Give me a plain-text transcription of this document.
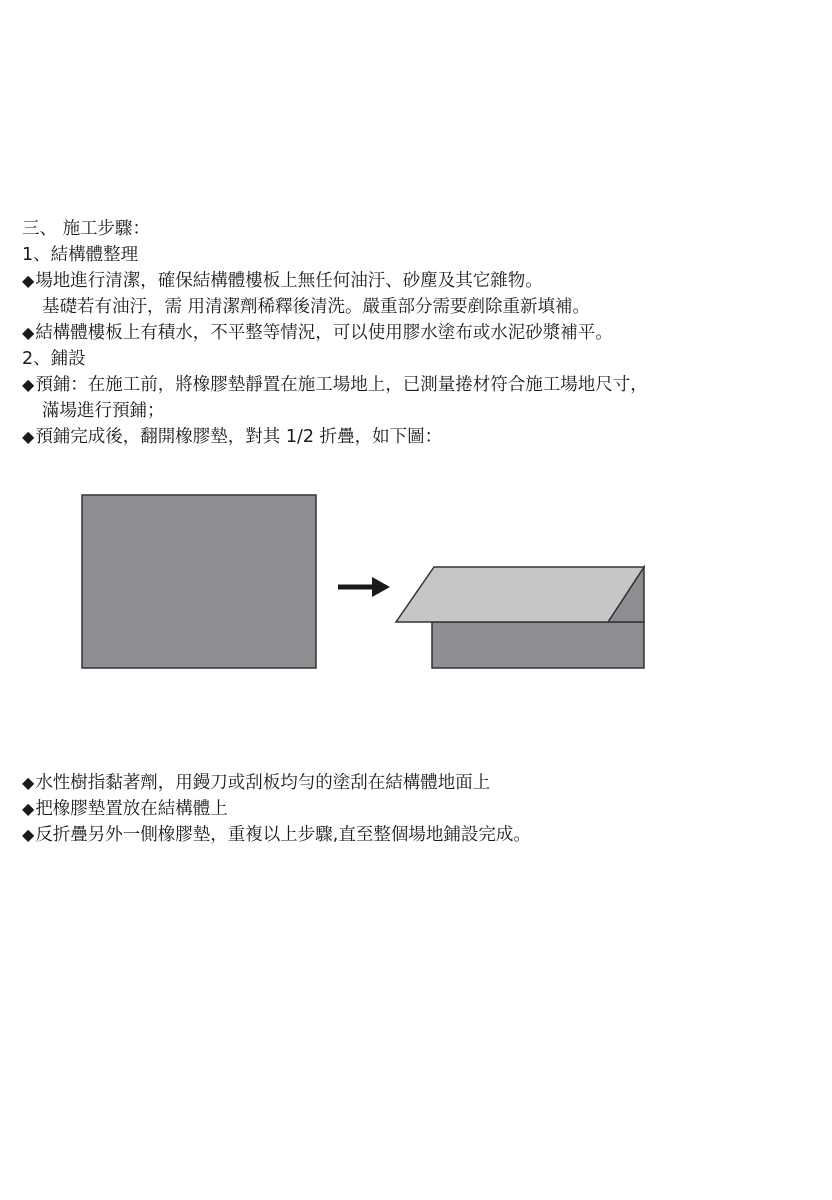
三、 施工步驟：
1、結構體整理
◆場地進行清潔，確保結構體樓板上無任何油汙、砂塵及其它雜物。
基礎若有油汙，需 用清潔劑稀釋後清洗。嚴重部分需要剷除重新填補。
◆結構體樓板上有積水，不平整等情況，可以使用膠水塗布或水泥砂漿補平。
2、鋪設
◆預鋪：在施工前，將橡膠墊靜置在施工場地上，已測量捲材符合施工場地尺寸，
滿場進行預鋪；
◆預鋪完成後，翻開橡膠墊，對其 1/2 折疊，如下圖：
◆水性樹指黏著劑，用鏝刀或刮板均勻的塗刮在結構體地面上
◆把橡膠墊置放在結構體上
◆反折疊另外一側橡膠墊，重複以上步驟,直至整個場地鋪設完成。
